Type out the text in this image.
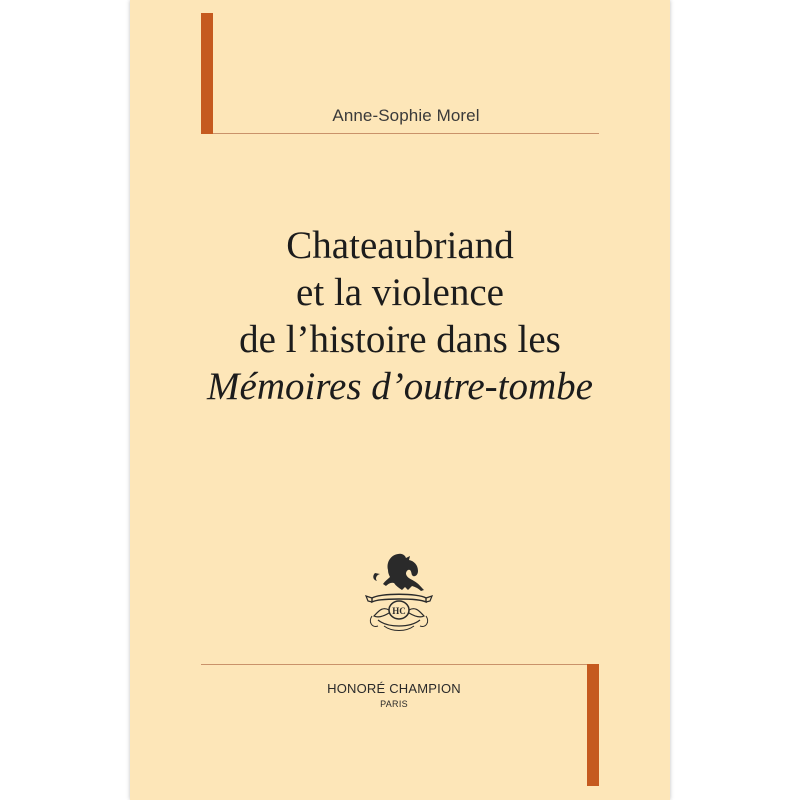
Anne-Sophie Morel
Chateaubriand
et la violence
de l’histoire dans les
Mémoires d’outre-tombe
HC
HONORÉ CHAMPION
PARIS
